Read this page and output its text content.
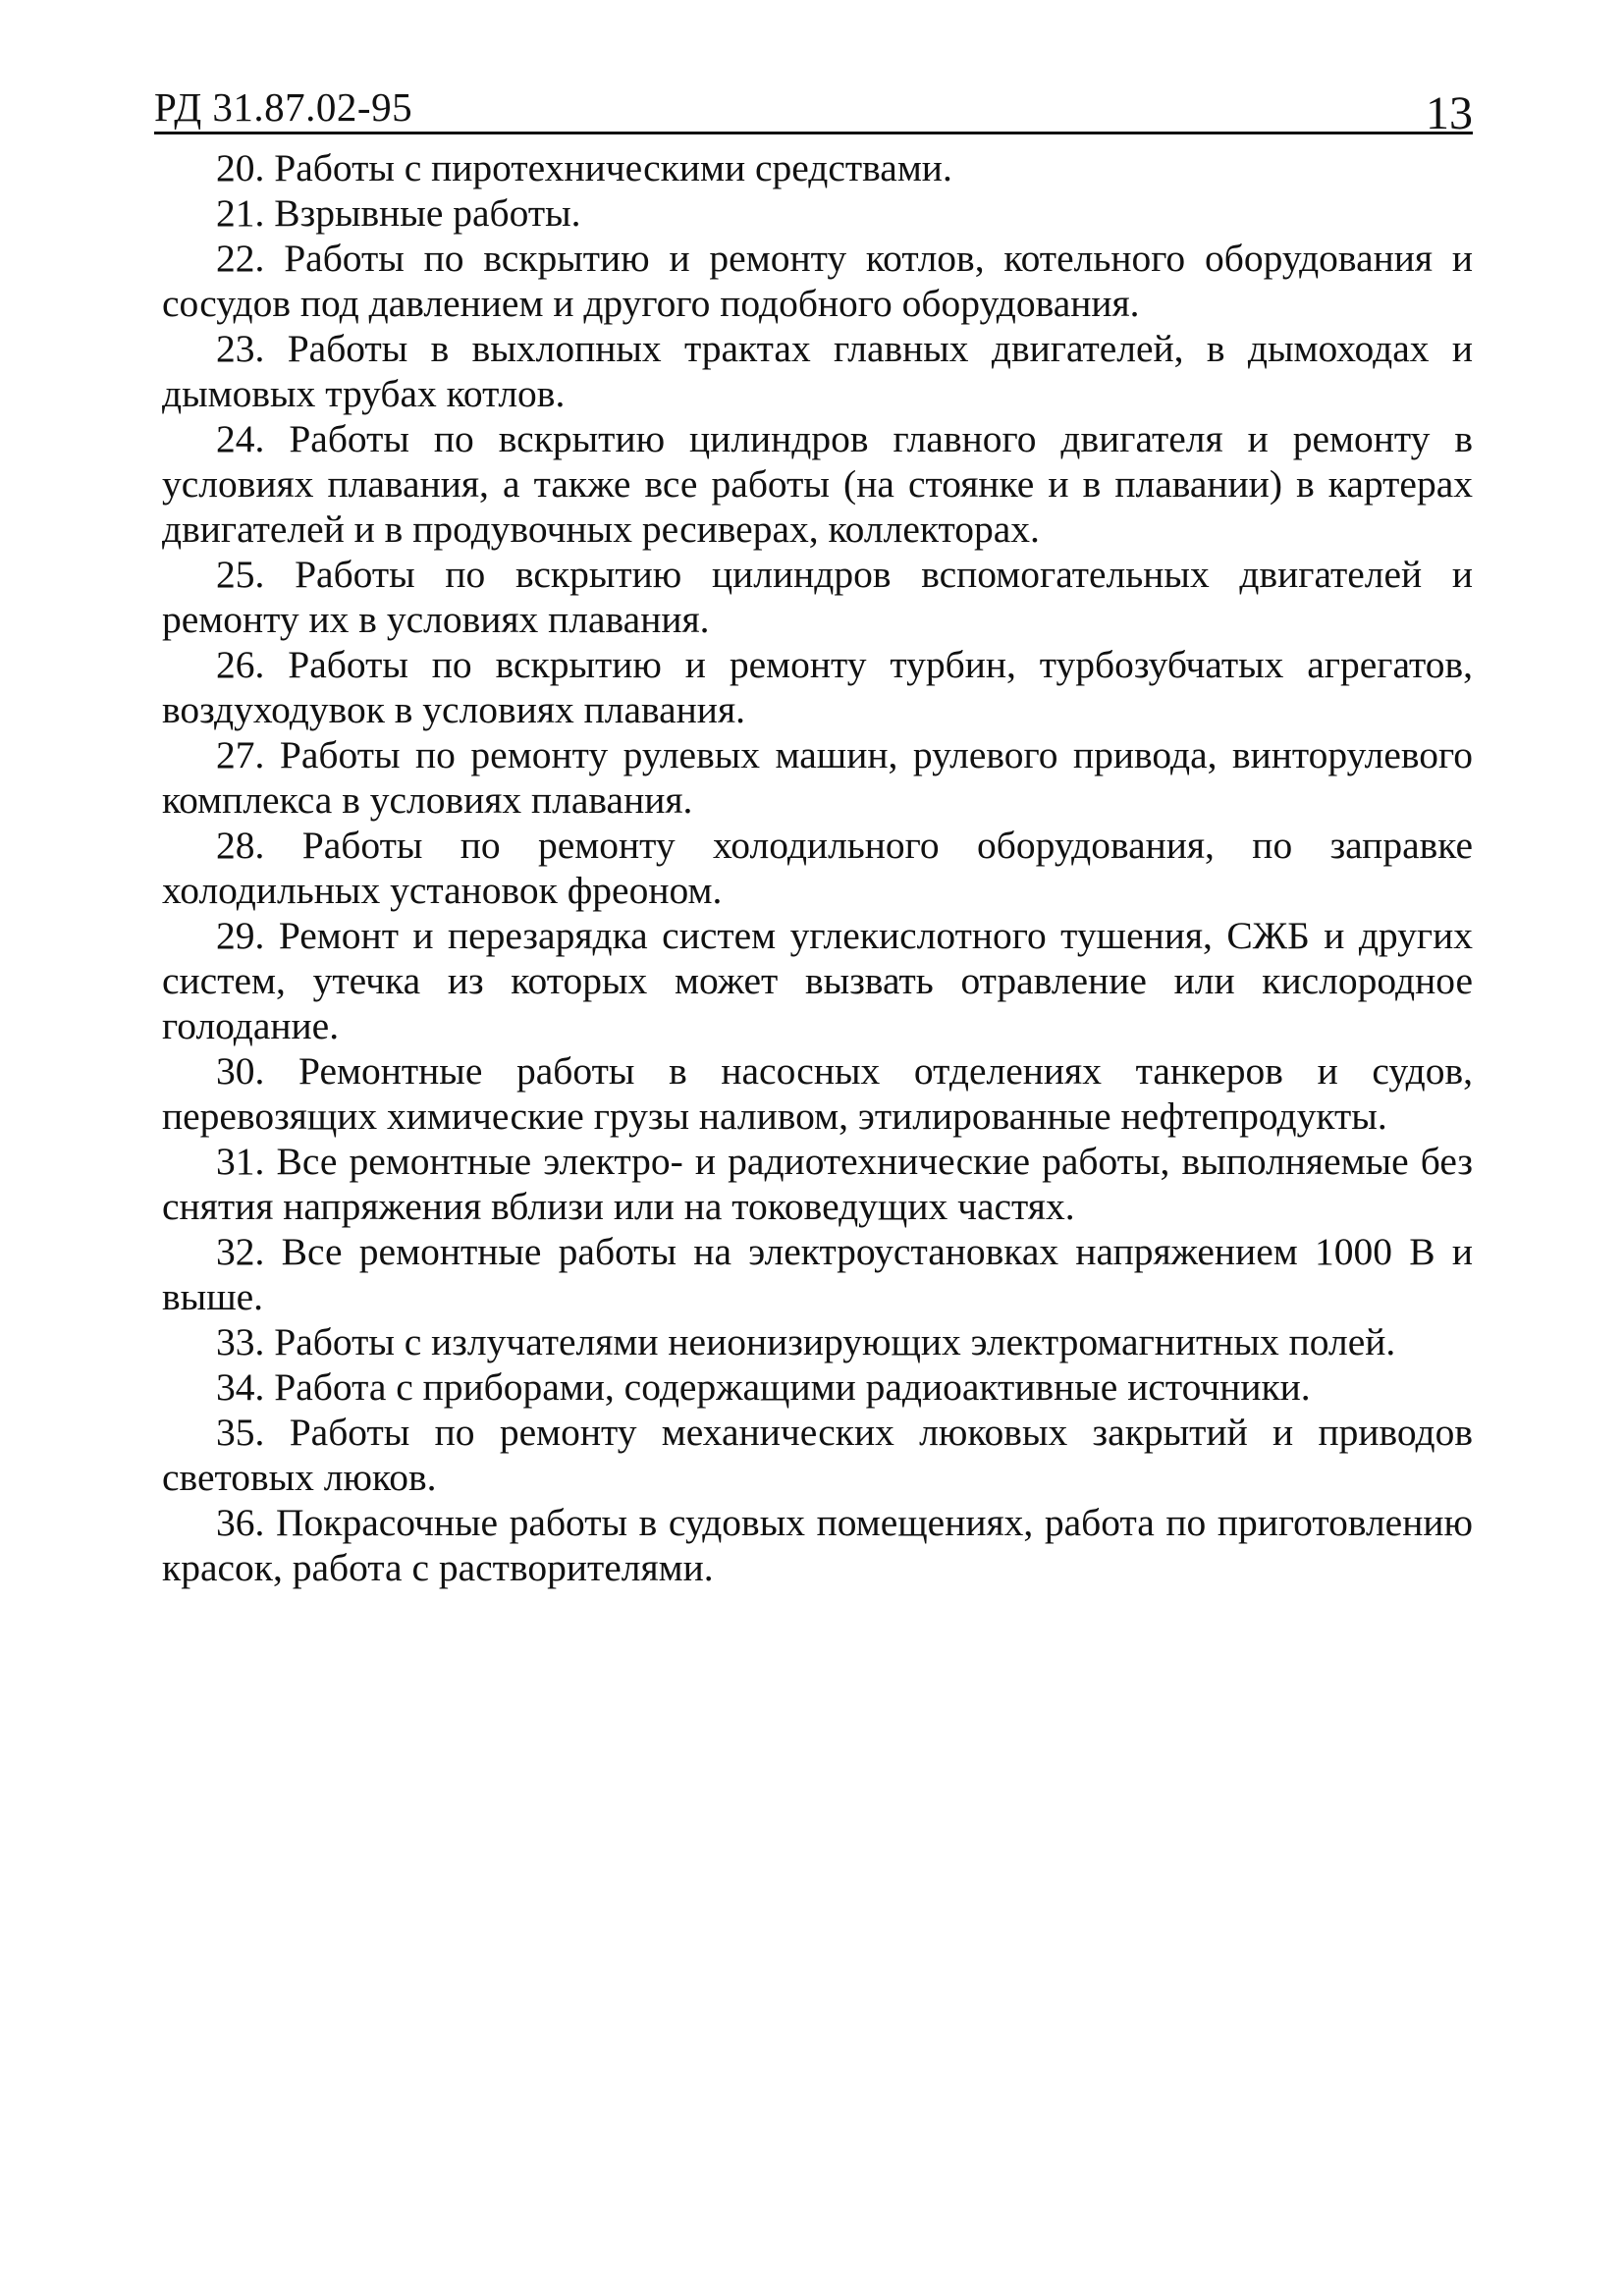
РД 31.87.02-95	13

20. Работы с пиротехническими средствами.

21. Взрывные работы.

22. Работы по вскрытию и ремонту котлов, котельного оборудования и сосудов под давлением и другого подобного оборудования.

23. Работы в выхлопных трактах главных двигателей, в дымоходах и дымовых трубах котлов.

24. Работы по вскрытию цилиндров главного двигателя и ремонту в условиях плавания, а также все работы (на стоянке и в плавании) в картерах двигателей и в продувочных ресиверах, коллекторах.

25. Работы по вскрытию цилиндров вспомогательных двигателей и ремонту их в условиях плавания.

26. Работы по вскрытию и ремонту турбин, турбозубчатых агрегатов, воздуходувок в условиях плавания.

27. Работы по ремонту рулевых машин, рулевого привода, винторулевого комплекса в условиях плавания.

28. Работы по ремонту холодильного оборудования, по заправке холодильных установок фреоном.

29. Ремонт и перезарядка систем углекислотного тушения, СЖБ и других систем, утечка из которых может вызвать отравление или кислородное голодание.

30. Ремонтные работы в насосных отделениях танкеров и судов, перевозящих химические грузы наливом, этилированные нефтепродукты.

31. Все ремонтные электро- и радиотехнические работы, выполняемые без снятия напряжения вблизи или на токоведущих частях.

32. Все ремонтные работы на электроустановках напряжением 1000 В и выше.

33. Работы с излучателями неионизирующих электромагнитных полей.

34. Работа с приборами, содержащими радиоактивные источники.

35. Работы по ремонту механических люковых закрытий и приводов световых люков.

36. Покрасочные работы в судовых помещениях, работа по приготовлению красок, работа с растворителями.
